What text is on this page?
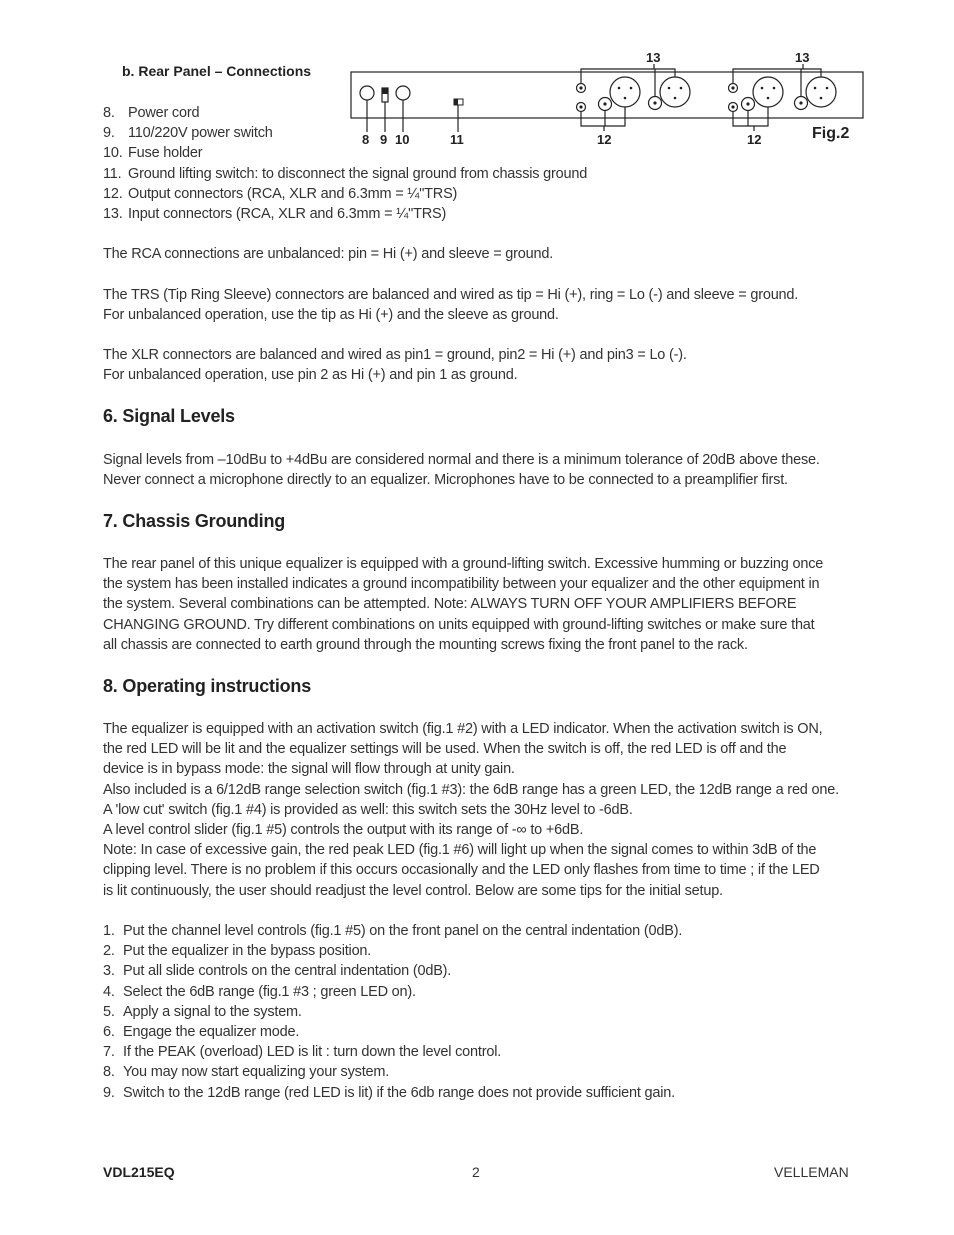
b. Rear Panel – Connections
8 9 10	11	12	12
13	13
Fig.2
8. Power cord
9. 110/220V power switch
10. Fuse holder
11. Ground lifting switch: to disconnect the signal ground from chassis ground
12. Output connectors (RCA, XLR and 6.3mm = ¼"TRS)
13. Input connectors (RCA, XLR and 6.3mm = ¼"TRS)
The RCA connections are unbalanced: pin = Hi (+) and sleeve = ground.
The TRS (Tip Ring Sleeve) connectors are balanced and wired as tip = Hi (+), ring = Lo (-) and sleeve = ground.
For unbalanced operation, use the tip as Hi (+) and the sleeve as ground.
The XLR connectors are balanced and wired as pin1 = ground, pin2 = Hi (+) and pin3 = Lo (-).
For unbalanced operation, use pin 2 as Hi (+) and pin 1 as ground.
6. Signal Levels
Signal levels from –10dBu to +4dBu are considered normal and there is a minimum tolerance of 20dB above these.
Never connect a microphone directly to an equalizer. Microphones have to be connected to a preamplifier first.
7. Chassis Grounding
The rear panel of this unique equalizer is equipped with a ground-lifting switch. Excessive humming or buzzing once
the system has been installed indicates a ground incompatibility between your equalizer and the other equipment in
the system. Several combinations can be attempted. Note: ALWAYS TURN OFF YOUR AMPLIFIERS BEFORE
CHANGING GROUND. Try different combinations on units equipped with ground-lifting switches or make sure that
all chassis are connected to earth ground through the mounting screws fixing the front panel to the rack.
8. Operating instructions
The equalizer is equipped with an activation switch (fig.1 #2) with a LED indicator. When the activation switch is ON,
the red LED will be lit and the equalizer settings will be used. When the switch is off, the red LED is off and the
device is in bypass mode: the signal will flow through at unity gain.
Also included is a 6/12dB range selection switch (fig.1 #3): the 6dB range has a green LED, the 12dB range a red one.
A 'low cut' switch (fig.1 #4) is provided as well: this switch sets the 30Hz level to -6dB.
A level control slider (fig.1 #5) controls the output with its range of -∞ to +6dB.
Note: In case of excessive gain, the red peak LED (fig.1 #6) will light up when the signal comes to within 3dB of the
clipping level. There is no problem if this occurs occasionally and the LED only flashes from time to time ; if the LED
is lit continuously, the user should readjust the level control. Below are some tips for the initial setup.
1. Put the channel level controls (fig.1 #5) on the front panel on the central indentation (0dB).
2. Put the equalizer in the bypass position.
3. Put all slide controls on the central indentation (0dB).
4. Select the 6dB range (fig.1 #3 ; green LED on).
5. Apply a signal to the system.
6. Engage the equalizer mode.
7. If the PEAK (overload) LED is lit : turn down the level control.
8. You may now start equalizing your system.
9. Switch to the 12dB range (red LED is lit) if the 6db range does not provide sufficient gain.
VDL215EQ	2	VELLEMAN
